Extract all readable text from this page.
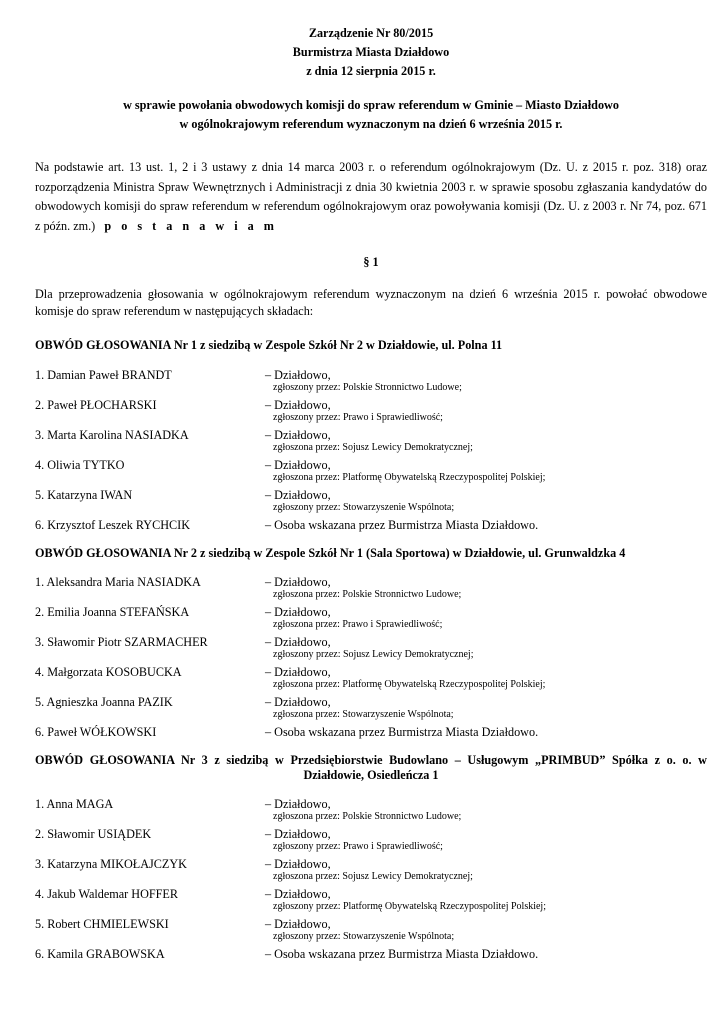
Zarządzenie Nr 80/2015
Burmistrza Miasta Działdowo
z dnia 12 sierpnia 2015 r.
w sprawie powołania obwodowych komisji do spraw referendum w Gminie – Miasto Działdowo
w ogólnokrajowym referendum wyznaczonym na dzień 6 września 2015 r.
Na podstawie art. 13 ust. 1, 2 i 3 ustawy z dnia 14 marca 2003 r. o referendum ogólnokrajowym (Dz. U. z 2015 r. poz. 318) oraz rozporządzenia Ministra Spraw Wewnętrznych i Administracji z dnia 30 kwietnia 2003 r. w sprawie sposobu zgłaszania kandydatów do obwodowych komisji do spraw referendum w referendum ogólnokrajowym oraz powoływania komisji (Dz. U. z 2003 r. Nr 74, poz. 671 z późn. zm.) p o s t a n a w i a m
§ 1
Dla przeprowadzenia głosowania w ogólnokrajowym referendum wyznaczonym na dzień 6 września 2015 r. powołać obwodowe komisje do spraw referendum w następujących składach:
OBWÓD GŁOSOWANIA Nr 1 z siedzibą w Zespole Szkół Nr 2 w Działdowie, ul. Polna 11
1. Damian Paweł BRANDT	– Działdowo,
zgłoszony przez: Polskie Stronnictwo Ludowe;
2. Paweł PŁOCHARSKI	– Działdowo,
zgłoszony przez: Prawo i Sprawiedliwość;
3. Marta Karolina NASIADKA	– Działdowo,
zgłoszona przez: Sojusz Lewicy Demokratycznej;
4. Oliwia TYTKO	– Działdowo,
zgłoszona przez: Platformę Obywatelską Rzeczypospolitej Polskiej;
5. Katarzyna IWAN	– Działdowo,
zgłoszony przez: Stowarzyszenie Wspólnota;
6. Krzysztof Leszek RYCHCIK	– Osoba wskazana przez Burmistrza Miasta Działdowo.
OBWÓD GŁOSOWANIA Nr 2 z siedzibą w Zespole Szkół Nr 1 (Sala Sportowa) w Działdowie, ul. Grunwaldzka 4
1. Aleksandra Maria NASIADKA	– Działdowo,
zgłoszona przez: Polskie Stronnictwo Ludowe;
2. Emilia Joanna STEFAŃSKA	– Działdowo,
zgłoszona przez: Prawo i Sprawiedliwość;
3. Sławomir Piotr SZARMACHER	– Działdowo,
zgłoszony przez: Sojusz Lewicy Demokratycznej;
4. Małgorzata KOSOBUCKA	– Działdowo,
zgłoszona przez: Platformę Obywatelską Rzeczypospolitej Polskiej;
5. Agnieszka Joanna PAZIK	– Działdowo,
zgłoszona przez: Stowarzyszenie Wspólnota;
6. Paweł WÓŁKOWSKI	– Osoba wskazana przez Burmistrza Miasta Działdowo.
OBWÓD GŁOSOWANIA Nr 3 z siedzibą w Przedsiębiorstwie Budowlano – Usługowym „PRIMBUD” Spółka z o. o. w Działdowie, Osiedleńcza 1
1. Anna MAGA	– Działdowo,
zgłoszona przez: Polskie Stronnictwo Ludowe;
2. Sławomir USIĄDEK	– Działdowo,
zgłoszony przez: Prawo i Sprawiedliwość;
3. Katarzyna MIKOŁAJCZYK	– Działdowo,
zgłoszona przez: Sojusz Lewicy Demokratycznej;
4. Jakub Waldemar HOFFER	– Działdowo,
zgłoszony przez: Platformę Obywatelską Rzeczypospolitej Polskiej;
5. Robert CHMIELEWSKI	– Działdowo,
zgłoszony przez: Stowarzyszenie Wspólnota;
6. Kamila GRABOWSKA	– Osoba wskazana przez Burmistrza Miasta Działdowo.
